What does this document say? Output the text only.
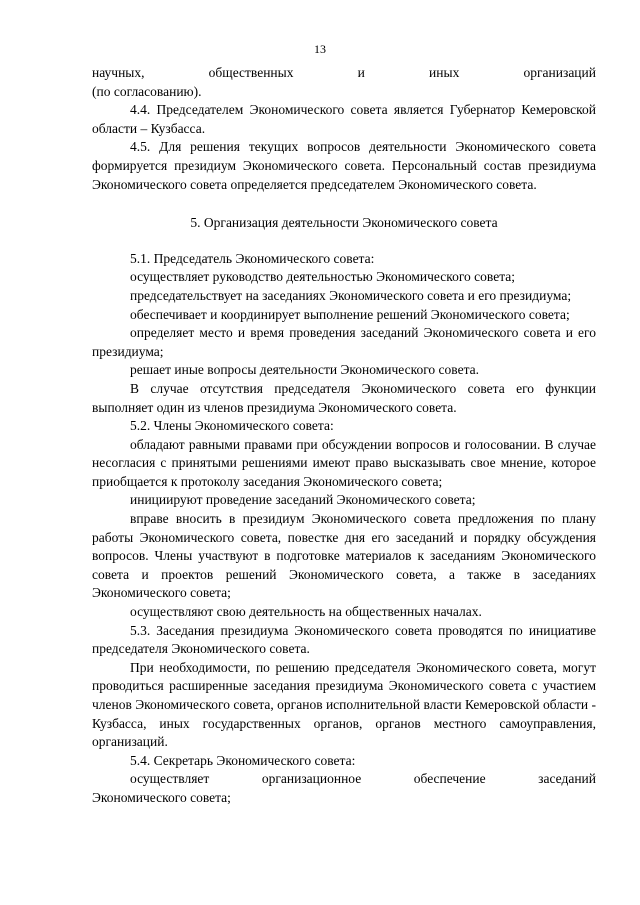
13

научных, общественных и иных организаций

(по согласованию).

4.4. Председателем Экономического совета является Губернатор Кемеровской области – Кузбасса.

4.5. Для решения текущих вопросов деятельности Экономического совета формируется президиум Экономического совета. Персональный состав президиума Экономического совета определяется председателем Экономического совета.

5. Организация деятельности Экономического совета

5.1. Председатель Экономического совета:

осуществляет руководство деятельностью Экономического совета;

председательствует на заседаниях Экономического совета и его президиума;

обеспечивает и координирует выполнение решений Экономического совета;

определяет место и время проведения заседаний Экономического совета и его президиума;

решает иные вопросы деятельности Экономического совета.

В случае отсутствия председателя Экономического совета его функции выполняет один из членов президиума Экономического совета.

5.2. Члены Экономического совета:

обладают равными правами при обсуждении вопросов и голосовании. В случае несогласия с принятыми решениями имеют право высказывать свое мнение, которое приобщается к протоколу заседания Экономического совета;

инициируют проведение заседаний Экономического совета;

вправе вносить в президиум Экономического совета предложения по плану работы Экономического совета, повестке дня его заседаний и порядку обсуждения вопросов. Члены участвуют в подготовке материалов к заседаниям Экономического совета и проектов решений Экономического совета, а также в заседаниях Экономического совета;

осуществляют свою деятельность на общественных началах.

5.3. Заседания президиума Экономического совета проводятся по инициативе председателя Экономического совета.

При необходимости, по решению председателя Экономического совета, могут проводиться расширенные заседания президиума Экономического совета с участием членов Экономического совета, органов исполнительной власти Кемеровской области - Кузбасса, иных государственных органов, органов местного самоуправления, организаций.

5.4. Секретарь Экономического совета:

осуществляет организационное обеспечение заседаний

Экономического совета;
